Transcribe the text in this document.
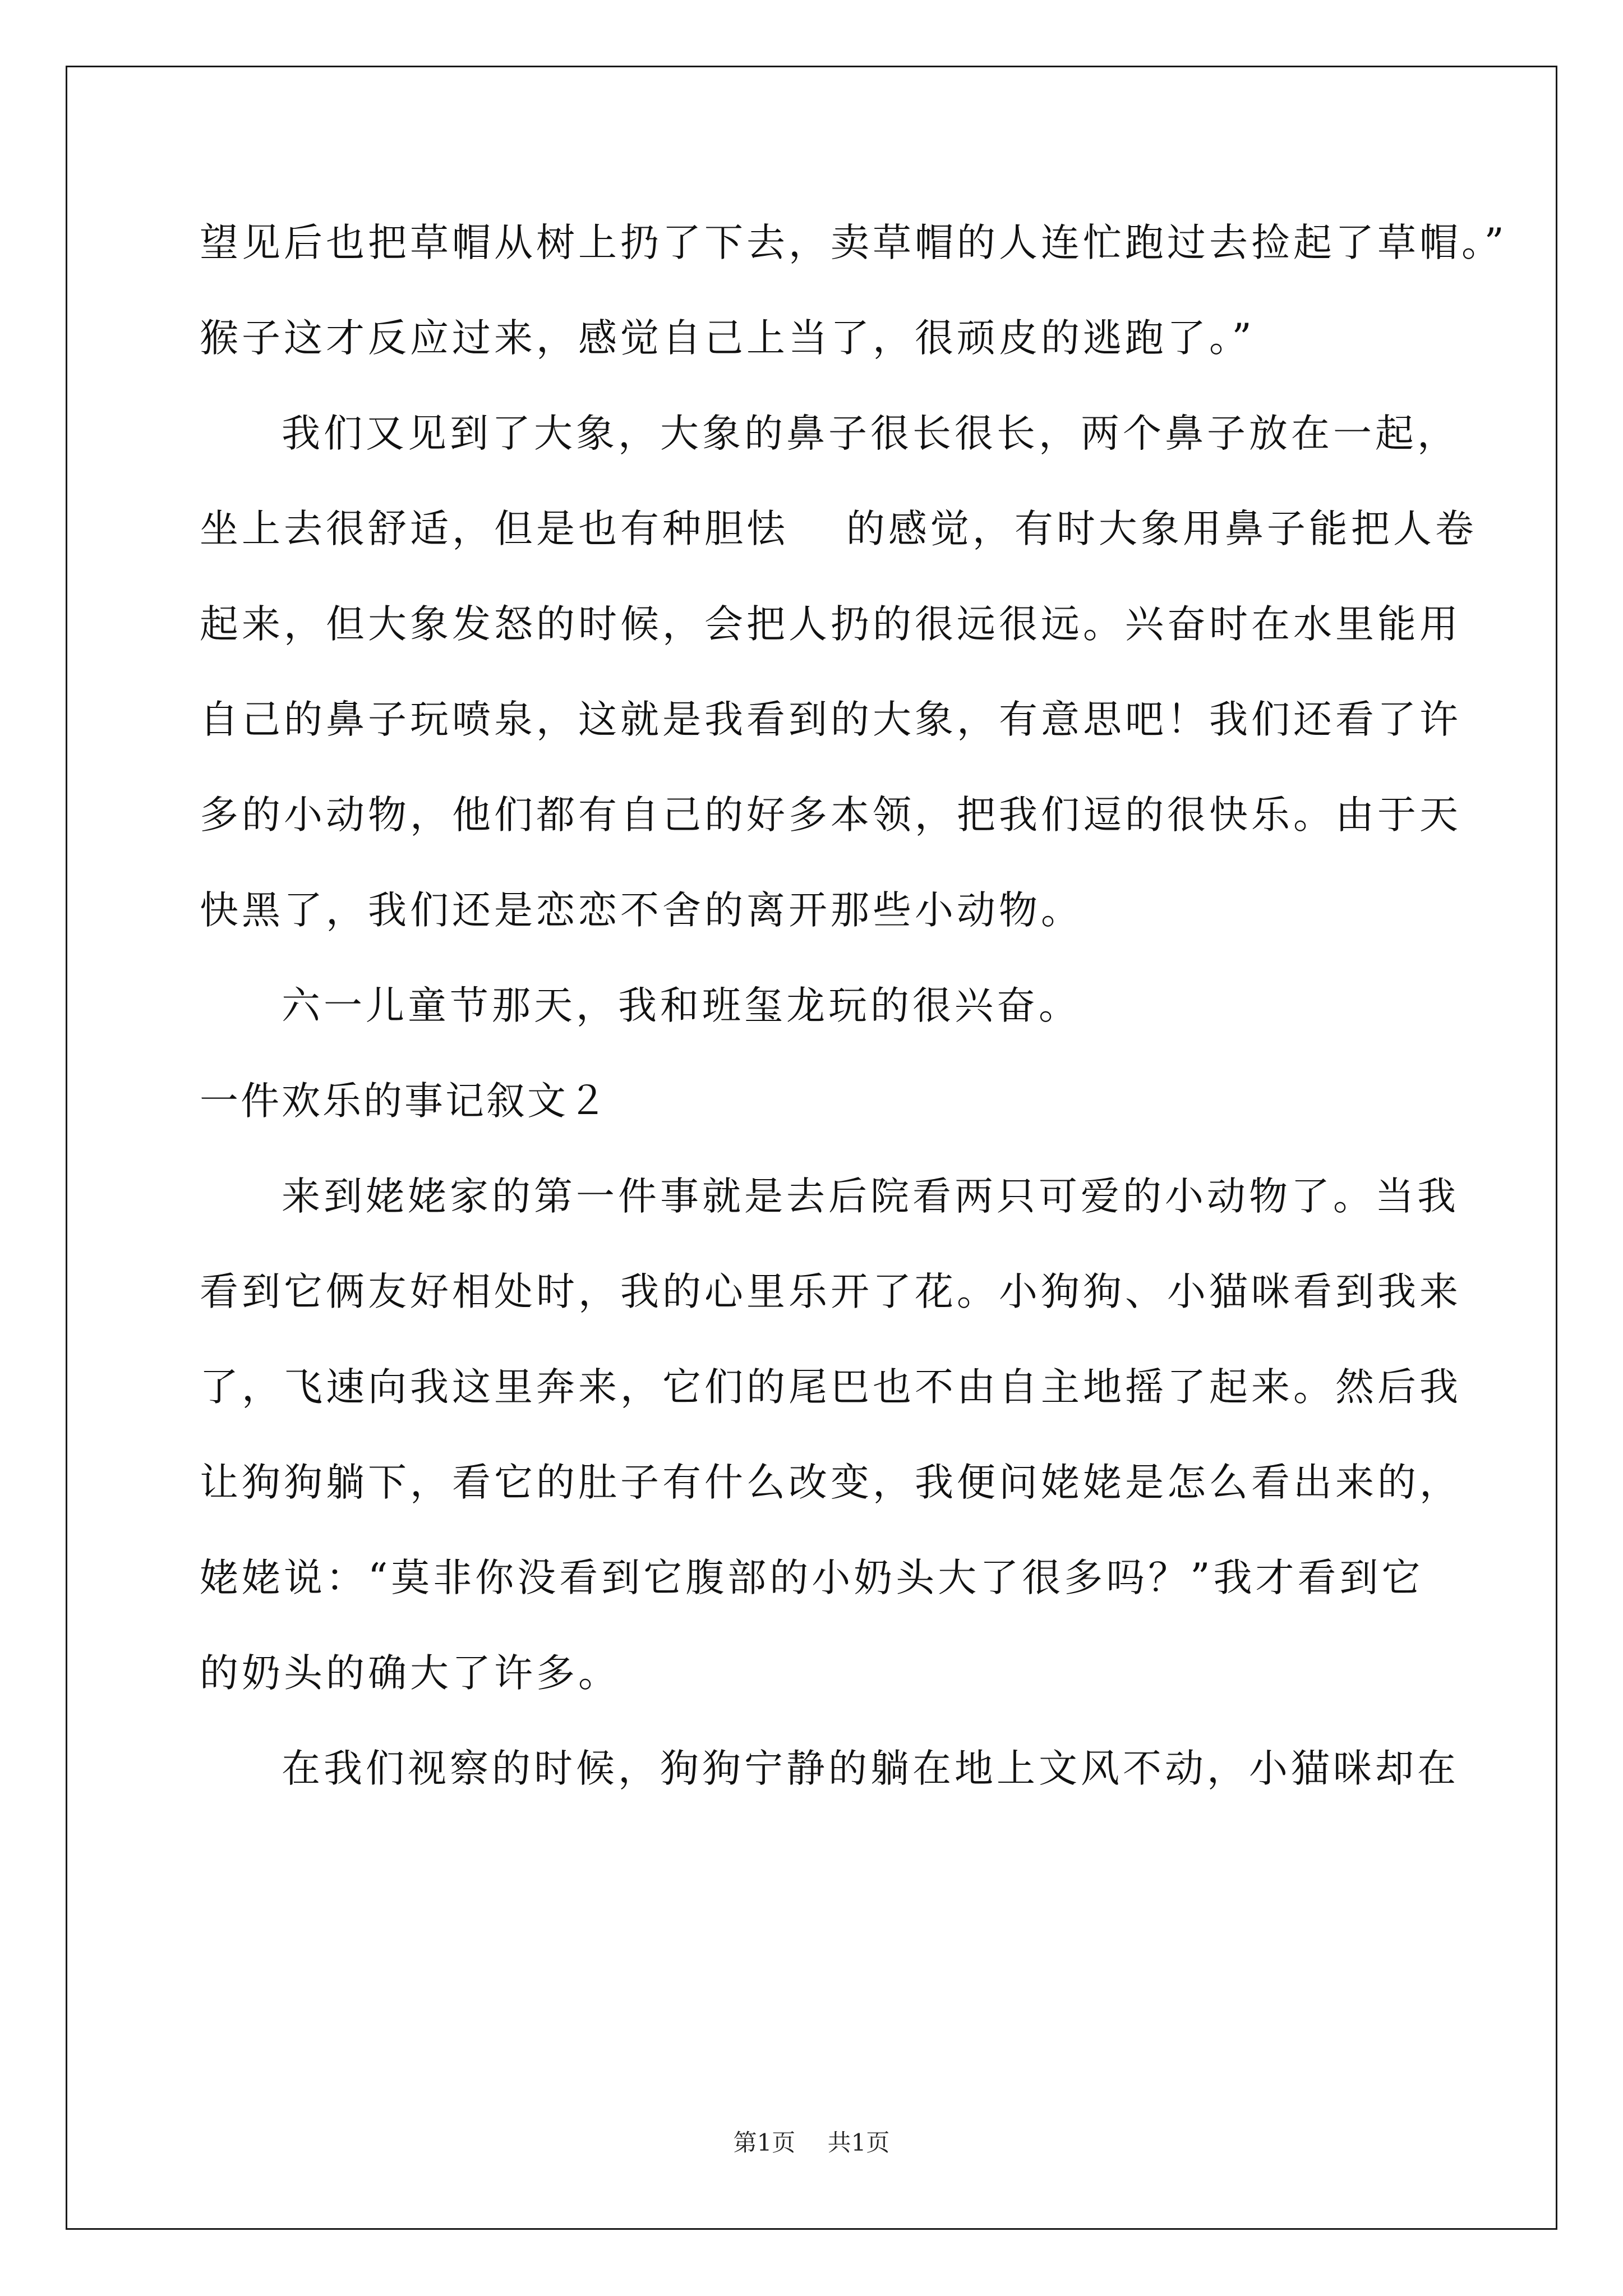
望见后也把草帽从树上扔了下去，卖草帽的人连忙跑过去捡起了草帽。”
猴子这才反应过来，感觉自己上当了，很顽皮的逃跑了。”
我们又见到了大象，大象的鼻子很长很长，两个鼻子放在一起，
坐上去很舒适，但是也有种胆怯　 的感觉，有时大象用鼻子能把人卷
起来，但大象发怒的时候，会把人扔的很远很远。兴奋时在水里能用
自己的鼻子玩喷泉，这就是我看到的大象，有意思吧！我们还看了许
多的小动物，他们都有自己的好多本领，把我们逗的很快乐。由于天
快黑了，我们还是恋恋不舍的离开那些小动物。
六一儿童节那天，我和班玺龙玩的很兴奋。
一件欢乐的事记叙文２
来到姥姥家的第一件事就是去后院看两只可爱的小动物了。当我
看到它俩友好相处时，我的心里乐开了花。小狗狗、小猫咪看到我来
了，飞速向我这里奔来，它们的尾巴也不由自主地摇了起来。然后我
让狗狗躺下，看它的肚子有什么改变，我便问姥姥是怎么看出来的，
姥姥说：“莫非你没看到它腹部的小奶头大了很多吗？”我才看到它
的奶头的确大了许多。
在我们视察的时候，狗狗宁静的躺在地上文风不动，小猫咪却在
第1页 共1页
